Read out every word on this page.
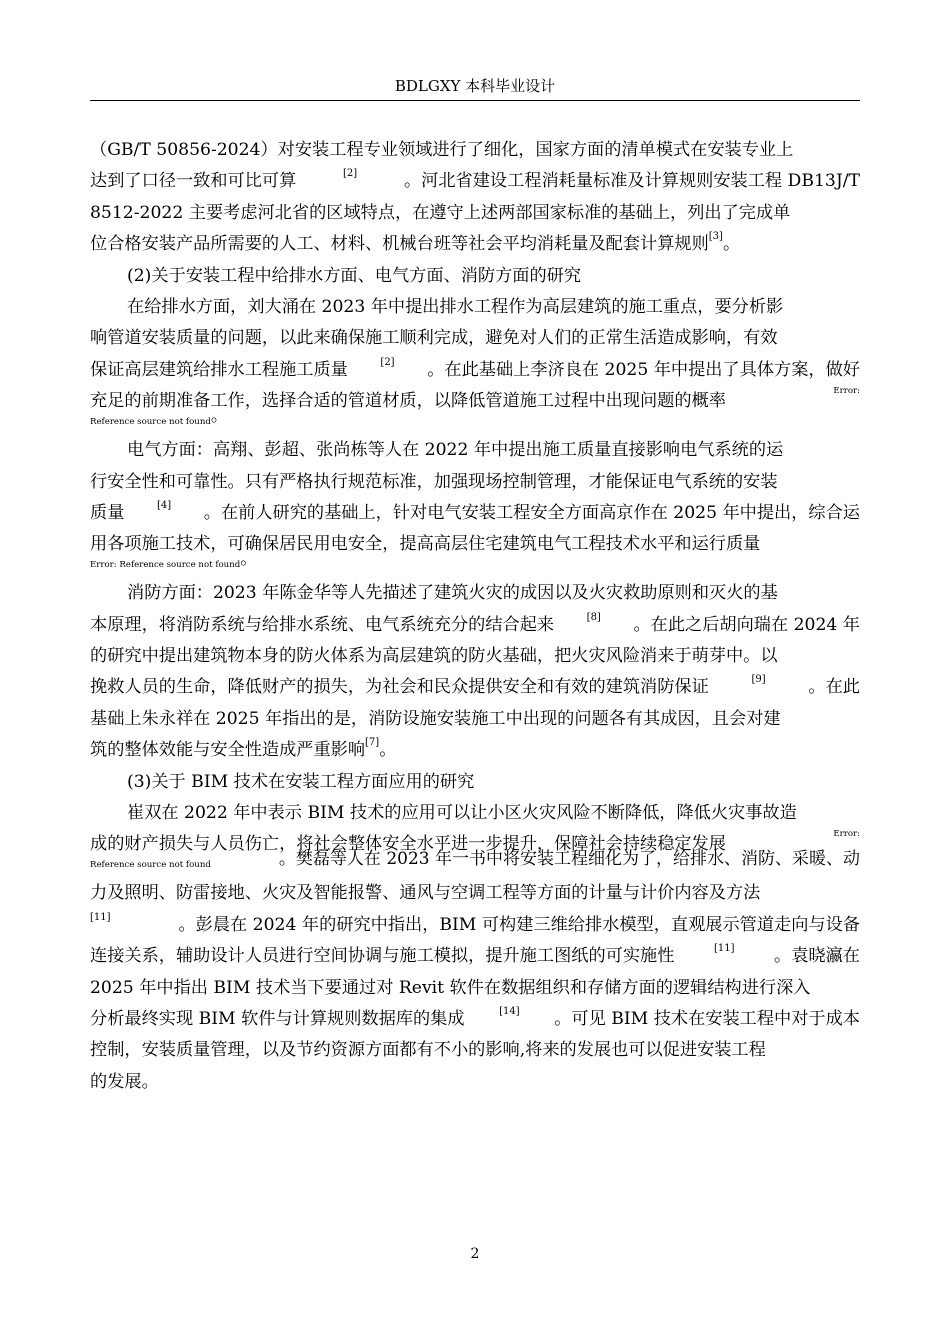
BDLGXY 本科毕业设计
（GB/T 50856-2024）对安装工程专业领域进行了细化，国家方面的清单模式在安装专业上
达到了口径一致和可比可算	[2]	。河北省建设工程消耗量标准及计算规则安装工程 DB13J/T
8512-2022 主要考虑河北省的区域特点，在遵守上述两部国家标准的基础上，列出了完成单
位合格安装产品所需要的人工、材料、机械台班等社会平均消耗量及配套计算规则 [3] 。
(2)关于安装工程中给排水方面、电气方面、消防方面的研究
在给排水方面，刘大涌在 2023 年中提出排水工程作为高层建筑的施工重点，要分析影
响管道安装质量的问题，以此来确保施工顺利完成，避免对人们的正常生活造成影响，有效
保证高层建筑给排水工程施工质量	[2] 。在此基础上李济良在 2025 年中提出了具体方案，做好
充足的前期准备工作，选择合适的管道材质，以降低管道施工过程中出现问题的概率	Error:
Reference source not found 。
电气方面：高翔、彭超、张尚栋等人在 2022 年中提出施工质量直接影响电气系统的运
行安全性和可靠性。只有严格执行规范标准，加强现场控制管理，才能保证电气系统的安装
质量	[4] 。在前人研究的基础上，针对电气安装工程安全方面高京作在 2025 年中提出，综合运
用各项施工技术，可确保居民用电安全，提高高层住宅建筑电气工程技术水平和运行质量
Error: Reference source not found 。
消防方面：2023 年陈金华等人先描述了建筑火灾的成因以及火灾救助原则和灭火的基
本原理，将消防系统与给排水系统、电气系统充分的结合起来	[8] 。在此之后胡向瑞在 2024 年
的研究中提出建筑物本身的防火体系为高层建筑的防火基础，把火灾风险消来于萌芽中。以
挽救人员的生命，降低财产的损失，为社会和民众提供安全和有效的建筑消防保证	[9] 。在此
基础上朱永祥在 2025 年指出的是，消防设施安装施工中出现的问题各有其成因，且会对建
筑的整体效能与安全性造成严重影响 [7] 。
(3)关于 BIM 技术在安装工程方面应用的研究
崔双在 2022 年中表示 BIM 技术的应用可以让小区火灾风险不断降低，降低火灾事故造
成的财产损失与人员伤亡，将社会整体安全水平进一步提升，保障社会持续稳定发展	Error:
Reference source not found	。樊磊等人在 2023 年一书中将安装工程细化为了，给排水、消防、采暖、动
力及照明、防雷接地、火灾及智能报警、通风与空调工程等方面的计量与计价内容及方法
[11]	。彭晨在 2024 年的研究中指出，BIM 可构建三维给排水模型，直观展示管道走向与设备
连接关系，辅助设计人员进行空间协调与施工模拟，提升施工图纸的可实施性	[11] 。袁晓瀛在
2025 年中指出 BIM 技术当下要通过对 Revit 软件在数据组织和存储方面的逻辑结构进行深入
分析最终实现 BIM 软件与计算规则数据库的集成	[14] 。可见 BIM 技术在安装工程中对于成本
控制，安装质量管理，以及节约资源方面都有不小的影响,将来的发展也可以促进安装工程
的发展。
2
